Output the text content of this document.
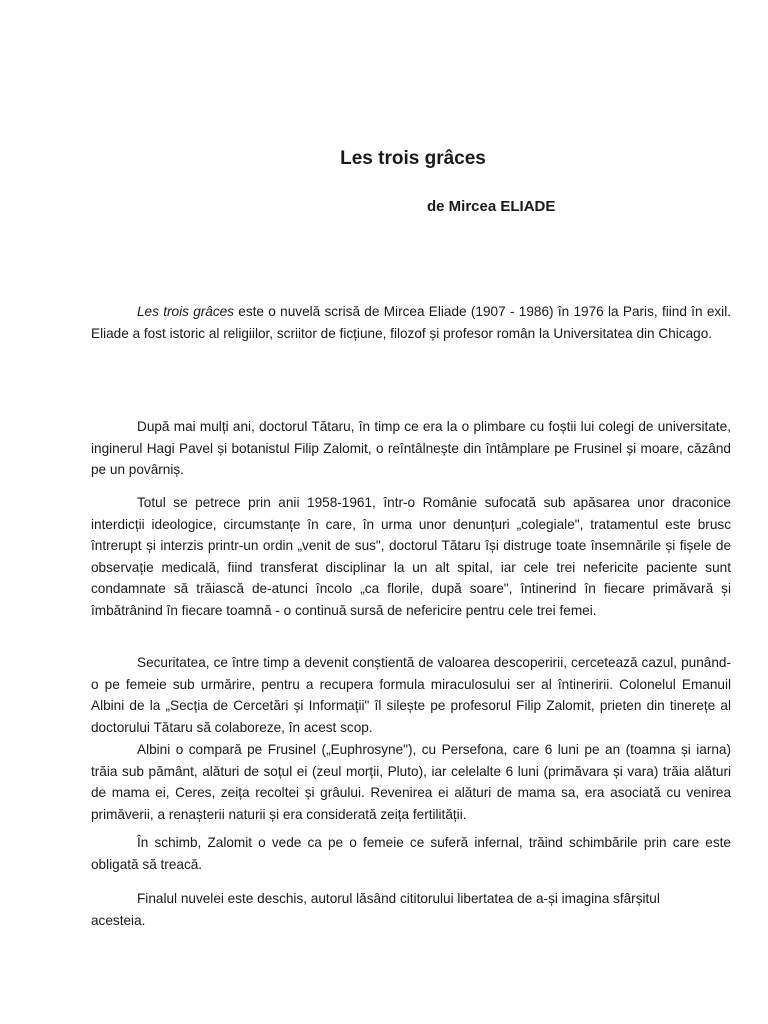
Les trois grâces

de Mircea ELIADE

Les trois grâces este o nuvelă scrisă de Mircea Eliade (1907 - 1986) în 1976 la Paris, fiind în exil. Eliade a fost istoric al religiilor, scriitor de ficțiune, filozof și profesor român la Universitatea din Chicago.

După mai mulți ani, doctorul Tătaru, în timp ce era la o plimbare cu foștii lui colegi de universitate, inginerul Hagi Pavel și botanistul Filip Zalomit, o reîntâlnește din întâmplare pe Frusinel și moare, căzând pe un povârniș.

Totul se petrece prin anii 1958-1961, într-o Românie sufocată sub apăsarea unor draconice interdicții ideologice, circumstanțe în care, în urma unor denunțuri „colegiale", tratamentul este brusc întrerupt și interzis printr-un ordin „venit de sus", doctorul Tătaru își distruge toate însemnările și fișele de observație medicală, fiind transferat disciplinar la un alt spital, iar cele trei nefericite paciente sunt condamnate să trăiască de-atunci încolo „ca florile, după soare", întinerind în fiecare primăvară și îmbătrânind în fiecare toamnă - o continuă sursă de nefericire pentru cele trei femei.

Securitatea, ce între timp a devenit conștientă de valoarea descoperirii, cercetează cazul, punând-o pe femeie sub urmărire, pentru a recupera formula miraculosului ser al întineririi. Colonelul Emanuil Albini de la „Secția de Cercetări și Informații" îl silește pe profesorul Filip Zalomit, prieten din tinerețe al doctorului Tătaru să colaboreze, în acest scop.

Albini o compară pe Frusinel („Euphrosyne"), cu Persefona, care 6 luni pe an (toamna și iarna) trăia sub pământ, alături de soțul ei (zeul morții, Pluto), iar celelalte 6 luni (primăvara și vara) trăia alături de mama ei, Ceres, zeița recoltei și grâului. Revenirea ei alături de mama sa, era asociată cu venirea primăverii, a renașterii naturii și era considerată zeița fertilității.

În schimb, Zalomit o vede ca pe o femeie ce suferă infernal, trăind schimbările prin care este obligată să treacă.

Finalul nuvelei este deschis, autorul lăsând cititorului libertatea de a-și imagina sfârșitul acesteia.
